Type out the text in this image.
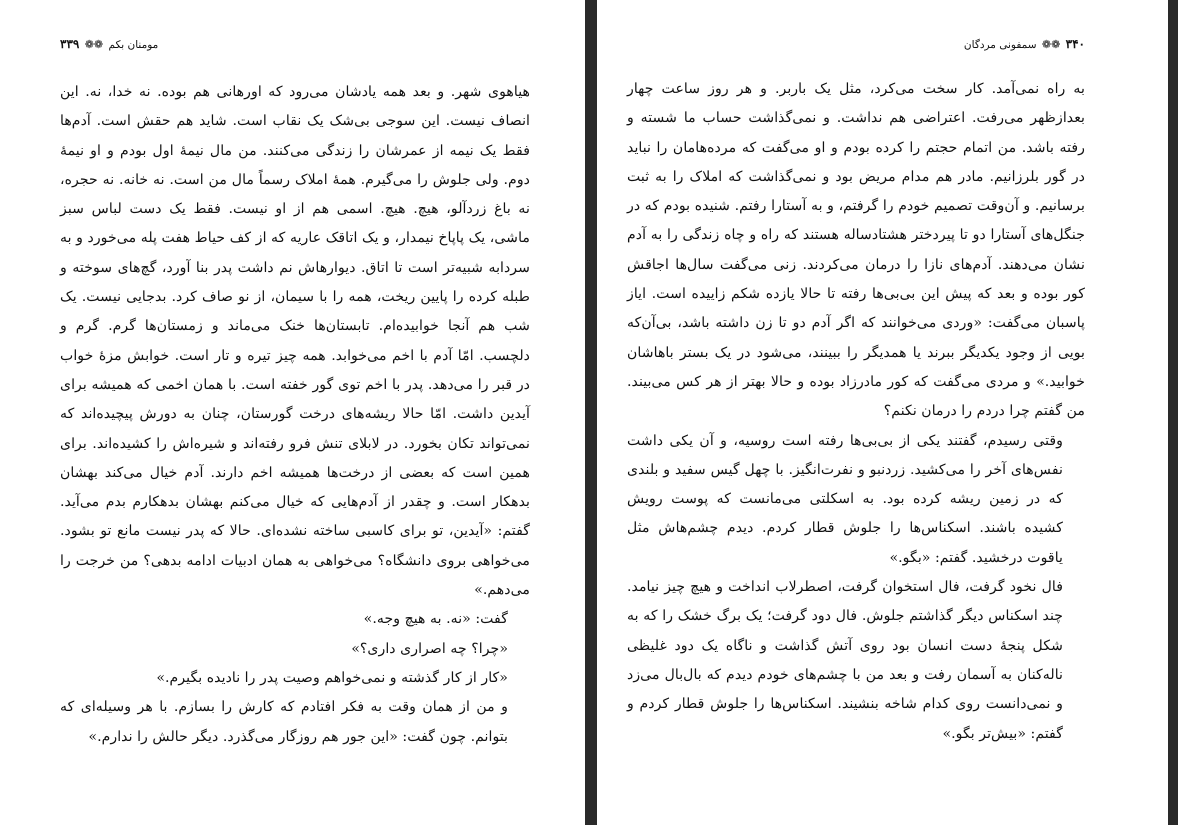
مومنان بکم ❁❁ ۳۳۹

هیاهوی شهر. و بعد همه یادشان می‌رود که اورهانی هم بوده. نه خدا، نه. این انصاف نیست. این سوجی بی‌شک یک نقاب است. شاید هم حقش است. آدم‌ها فقط یک نیمه از عمرشان را زندگی می‌کنند. من مال نیمهٔ اول بودم و او نیمهٔ دوم. ولی جلوش را می‌گیرم. همهٔ املاک رسماً مال من است. نه خانه. نه حجره، نه باغ زردآلو، هیچ. هیچ. اسمی هم از او نیست. فقط یک دست لباس سبز ماشی، یک پاپاخ نیمدار، و یک اتاقک عاریه که از کف حیاط هفت پله می‌خورد و به سردابه شبیه‌تر است تا اتاق. دیوارهاش نم داشت پدر بنا آورد، گچ‌های سوخته و طبله کرده را پایین ریخت، همه را با سیمان، از نو صاف کرد. بدجایی نیست. یک شب هم آنجا خوابیده‌ام. تابستان‌ها خنک می‌ماند و زمستان‌ها گرم. گرم و دلچسب. امّا آدم با اخم می‌خوابد. همه چیز تیره و تار است. خوابش مزهٔ خواب در قبر را می‌دهد. پدر با اخم توی گور خفته است. با همان اخمی که همیشه برای آیدین داشت. امّا حالا ریشه‌های درخت گورستان، چنان به دورش پیچیده‌اند که نمی‌تواند تکان بخورد. در لابلای تنش فرو رفته‌اند و شیره‌اش را کشیده‌اند. برای همین است که بعضی از درخت‌ها همیشه اخم دارند. آدم خیال می‌کند بهشان بدهکار است. و چقدر از آدم‌هایی که خیال می‌کنم بهشان بدهکارم بدم می‌آید. گفتم: «آیدین، تو برای کاسبی ساخته نشده‌ای. حالا که پدر نیست مانع تو بشود. می‌خواهی بروی دانشگاه؟ می‌خواهی به همان ادبیات ادامه بدهی؟ من خرجت را می‌دهم.»

گفت: «نه. به هیچ وجه.»

«چرا؟ چه اصراری داری؟»

«کار از کار گذشته و نمی‌خواهم وصیت پدر را نادیده بگیرم.»

و من از همان وقت به فکر افتادم که کارش را بسازم. با هر وسیله‌ای که بتوانم. چون گفت: «این جور هم روزگار می‌گذرد. دیگر حالش را ندارم.»

۳۴۰ ❁❁ سمفونی مردگان

به راه نمی‌آمد. کار سخت می‌کرد، مثل یک باربر. و هر روز ساعت چهار بعدازظهر می‌رفت. اعتراضی هم نداشت. و نمی‌گذاشت حساب ما شسته و رفته باشد. من اتمام حجتم را کرده بودم و او می‌گفت که مرده‌هامان را نباید در گور بلرزانیم. مادر هم مدام مریض بود و نمی‌گذاشت که املاک را به ثبت برسانیم. و آن‌وقت تصمیم خودم را گرفتم، و به آستارا رفتم. شنیده بودم که در جنگل‌های آستارا دو تا پیردختر هشتادساله هستند که راه و چاه زندگی را به آدم نشان می‌دهند. آدم‌های نازا را درمان می‌کردند. زنی می‌گفت سال‌ها اجاقش کور بوده و بعد که پیش این بی‌بی‌ها رفته تا حالا یازده شکم زاییده است. ایاز پاسبان می‌گفت: «وردی می‌خوانند که اگر آدم دو تا زن داشته باشد، بی‌آن‌که بویی از وجود یکدیگر ببرند یا همدیگر را ببینند، می‌شود در یک بستر باهاشان خوابید.» و مردی می‌گفت که کور مادرزاد بوده و حالا بهتر از هر کس می‌بیند. من گفتم چرا دردم را درمان نکنم؟

وقتی رسیدم، گفتند یکی از بی‌بی‌ها رفته است روسیه، و آن یکی داشت نفس‌های آخر را می‌کشید. زردنبو و نفرت‌انگیز. با چهل گیس سفید و بلندی که در زمین ریشه کرده بود. به اسکلتی می‌مانست که پوست رویش کشیده باشند. اسکناس‌ها را جلوش قطار کردم. دیدم چشم‌هاش مثل یاقوت درخشید. گفتم: «بگو.»

فال نخود گرفت، فال استخوان گرفت، اصطرلاب انداخت و هیچ چیز نیامد. چند اسکناس دیگر گذاشتم جلوش. فال دود گرفت؛ یک برگ خشک را که به شکل پنجهٔ دست انسان بود روی آتش گذاشت و ناگاه یک دود غلیظی ناله‌کنان به آسمان رفت و بعد من با چشم‌های خودم دیدم که بال‌بال می‌زد و نمی‌دانست روی کدام شاخه بنشیند. اسکناس‌ها را جلوش قطار کردم و گفتم: «بیش‌تر بگو.»
